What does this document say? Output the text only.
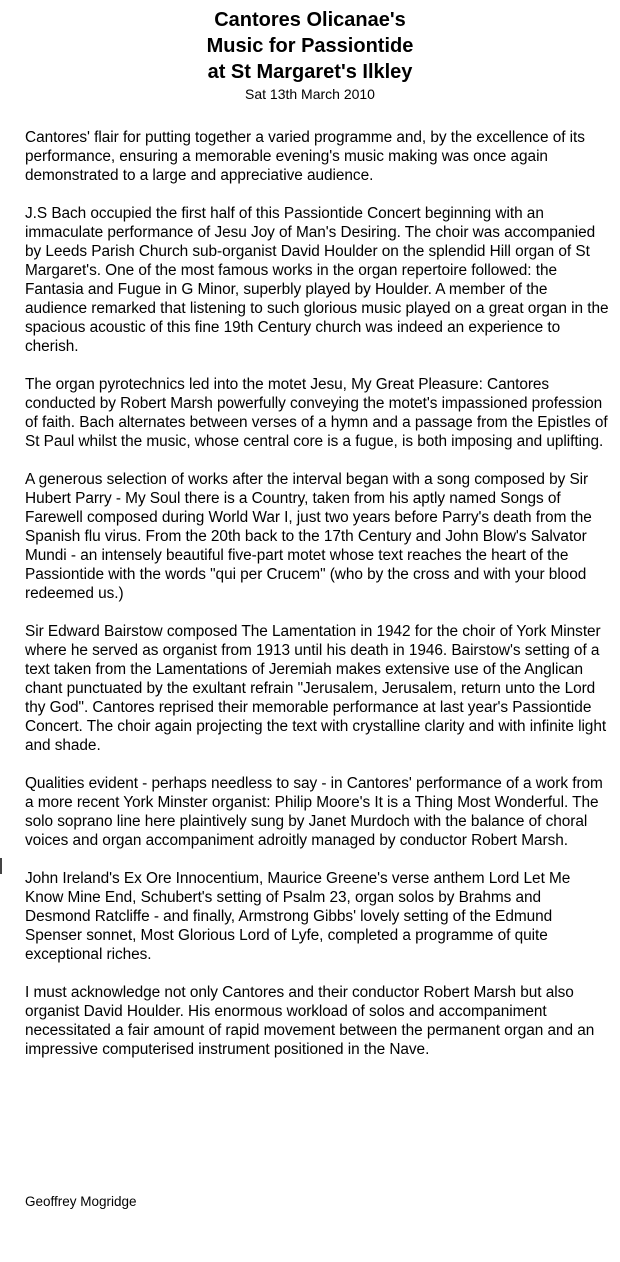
Cantores Olicanae's

Music for Passiontide

at St Margaret's Ilkley

Sat 13th March 2010

Cantores' flair for putting together a varied programme and, by the excellence of its performance, ensuring a memorable evening's music making was once again demonstrated to a large and appreciative audience.

J.S Bach occupied the first half of this Passiontide Concert beginning with an immaculate performance of Jesu Joy of Man's Desiring. The choir was accompanied by Leeds Parish Church sub-organist David Houlder on the splendid Hill organ of St Margaret's. One of the most famous works in the organ repertoire followed: the Fantasia and Fugue in G Minor, superbly played by Houlder. A member of the audience remarked that listening to such glorious music played on a great organ in the spacious acoustic of this fine 19th Century church was indeed an experience to cherish.

The organ pyrotechnics led into the motet Jesu, My Great Pleasure: Cantores conducted by Robert Marsh powerfully conveying the motet's impassioned profession of faith. Bach alternates between verses of a hymn and a passage from the Epistles of St Paul whilst the music, whose central core is a fugue, is both imposing and uplifting.

A generous selection of works after the interval began with a song composed by Sir Hubert Parry - My Soul there is a Country, taken from his aptly named Songs of Farewell composed during World War I, just two years before Parry's death from the Spanish flu virus. From the 20th back to the 17th Century and John Blow's Salvator Mundi - an intensely beautiful five-part motet whose text reaches the heart of the Passiontide with the words "qui per Crucem" (who by the cross and with your blood redeemed us.)

Sir Edward Bairstow composed The Lamentation in 1942 for the choir of York Minster where he served as organist from 1913 until his death in 1946. Bairstow's setting of a text taken from the Lamentations of Jeremiah makes extensive use of the Anglican chant punctuated by the exultant refrain "Jerusalem, Jerusalem, return unto the Lord thy God". Cantores reprised their memorable performance at last year's Passiontide Concert. The choir again projecting the text with crystalline clarity and with infinite light and shade.

Qualities evident - perhaps needless to say - in Cantores' performance of a work from a more recent York Minster organist: Philip Moore's It is a Thing Most Wonderful. The solo soprano line here plaintively sung by Janet Murdoch with the balance of choral voices and organ accompaniment adroitly managed by conductor Robert Marsh.

John Ireland's Ex Ore Innocentium, Maurice Greene's verse anthem Lord Let Me Know Mine End, Schubert's setting of Psalm 23, organ solos by Brahms and Desmond Ratcliffe - and finally, Armstrong Gibbs' lovely setting of the Edmund Spenser sonnet, Most Glorious Lord of Lyfe, completed a programme of quite exceptional riches.

I must acknowledge not only Cantores and their conductor Robert Marsh but also organist David Houlder. His enormous workload of solos and accompaniment necessitated a fair amount of rapid movement between the permanent organ and an impressive computerised instrument positioned in the Nave.

Geoffrey Mogridge
